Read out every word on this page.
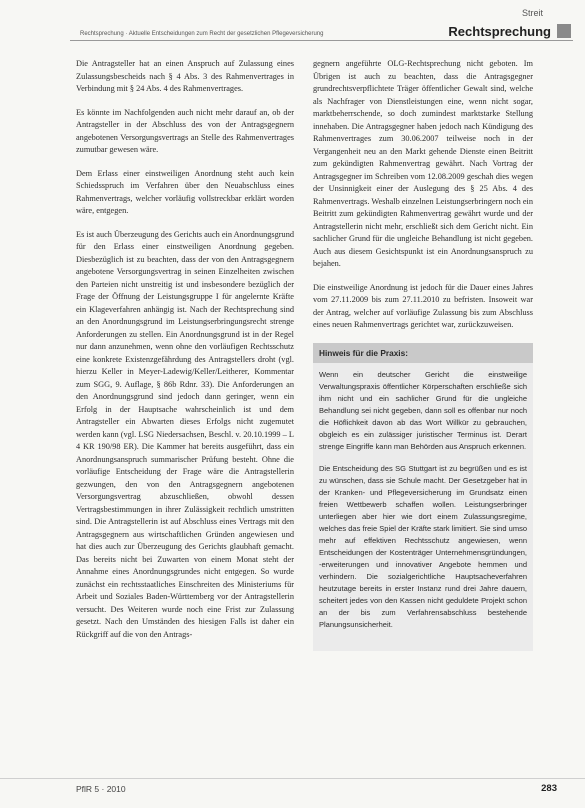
Streit
Rechtsprechung · Aktuelle Entscheidungen zum Recht der gesetzlichen Pflegeversicherung	Rechtsprechung

Die Antragsteller hat an einen Anspruch auf Zulassung eines Zulassungsbescheids nach § 4 Abs. 3 des Rahmenvertrages in Verbindung mit § 24 Abs. 4 des Rahmenvertrages.

Es könnte im Nachfolgenden auch nicht mehr darauf an, ob der Antragsteller in der Abschluss des von der Antragsgegnern angebotenen Versorgungsvertrags an Stelle des Rahmenvertrages zumutbar gewesen wäre.

Dem Erlass einer einstweiligen Anordnung steht auch kein Schiedsspruch im Verfahren über den Neuabschluss eines Rahmenvertrags, welcher vorläufig vollstreckbar erklärt worden wäre, entgegen.

Es ist auch Überzeugung des Gerichts auch ein Anordnungsgrund für den Erlass einer einstweiligen Anordnung gegeben. Diesbezüglich ist zu beachten, dass der von den Antragsgegnern angebotene Versorgungsvertrag in seinen Einzelheiten zwischen den Parteien nicht unstreitig ist und insbesondere bezüglich der Frage der Öffnung der Leistungsgruppe I für angelernte Kräfte ein Klageverfahren anhängig ist. Nach der Rechtsprechung sind an den Anordnungsgrund im Leistungserbringungsrecht strenge Anforderungen zu stellen. Ein Anordnungsgrund ist in der Regel nur dann anzunehmen, wenn ohne den vorläufigen Rechtsschutz eine konkrete Existenzgefährdung des Antragstellers droht (vgl. hierzu Keller in Meyer-Ladewig/Keller/Leitherer, Kommentar zum SGG, 9. Auflage, § 86b Rdnr. 33). Die Anforderungen an den Anordnungsgrund sind jedoch dann geringer, wenn ein Erfolg in der Hauptsache wahrscheinlich ist und dem Antragsteller ein Abwarten dieses Erfolgs nicht zugemutet werden kann (vgl. LSG Niedersachsen, Beschl. v. 20.10.1999 – L 4 KR 190/98 ER). Die Kammer hat bereits ausgeführt, dass ein Anordnungsanspruch summarischer Prüfung besteht. Ohne die vorläufige Entscheidung der Frage wäre die Antragstellerin gezwungen, den von den Antragsgegnern angebotenen Versorgungsvertrag abzuschließen, obwohl dessen Vertragsbestimmungen in ihrer Zulässigkeit rechtlich umstritten sind. Die Antragstellerin ist auf Abschluss eines Vertrags mit den Antragsgegnern aus wirtschaftlichen Gründen angewiesen und hat dies auch zur Überzeugung des Gerichts glaubhaft gemacht. Das bereits nicht bei Zuwarten von einem Monat steht der Annahme eines Anordnungsgrundes nicht entgegen. So wurde zunächst ein rechtsstaatliches Einschreiten des Ministeriums für Arbeit und Soziales Baden-Württemberg vor der Antragstellerin versucht. Des Weiteren wurde noch eine Frist zur Zulassung gesetzt. Nach den Umständen des hiesigen Falls ist daher ein Rückgriff auf die von den Antrags-

gegnern angeführte OLG-Rechtsprechung nicht geboten. Im Übrigen ist auch zu beachten, dass die Antragsgegner grundrechtsverpflichtete Träger öffentlicher Gewalt sind, welche als Nachfrager von Dienstleistungen eine, wenn nicht sogar, marktbeherrschende, so doch zumindest marktstarke Stellung innehaben. Die Antragsgegner haben jedoch nach Kündigung des Rahmenvertrages zum 30.06.2007 teilweise noch in der Vergangenheit neu an den Markt gehende Dienste einen Beitritt zum gekündigten Rahmenvertrag gewährt. Nach Vortrag der Antragsgegner im Schreiben vom 12.08.2009 geschah dies wegen der Unsinnigkeit einer der Auslegung des § 25 Abs. 4 des Rahmenvertrags. Weshalb einzelnen Leistungserbringern noch ein Beitritt zum gekündigten Rahmenvertrag gewährt wurde und der Antragstellerin nicht mehr, erschließt sich dem Gericht nicht. Ein sachlicher Grund für die ungleiche Behandlung ist nicht gegeben. Auch aus diesem Gesichtspunkt ist ein Anordnungsanspruch zu bejahen.

Die einstweilige Anordnung ist jedoch für die Dauer eines Jahres vom 27.11.2009 bis zum 27.11.2010 zu befristen. Insoweit war der Antrag, welcher auf vorläufige Zulassung bis zum Abschluss eines neuen Rahmenvertrags gerichtet war, zurückzuweisen.

Hinweis für die Praxis:

Wenn ein deutscher Gericht die einstweilige Verwaltungspraxis öffentlicher Körperschaften erschließe sich ihm nicht und ein sachlicher Grund für die ungleiche Behandlung sei nicht gegeben, dann soll es offenbar nur noch die Höflichkeit davon ab das Wort Willkür zu gebrauchen, obgleich es ein zulässiger juristischer Terminus ist. Derart strenge Eingriffe kann man Behörden aus Anspruch erkennen.

Die Entscheidung des SG Stuttgart ist zu begrüßen und es ist zu wünschen, dass sie Schule macht. Der Gesetzgeber hat in der Kranken- und Pflegeversicherung im Grundsatz einen freien Wettbewerb schaffen wollen. Leistungserbringer unterliegen aber hier wie dort einem Zulassungsregime, welches das freie Spiel der Kräfte stark limitiert. Sie sind umso mehr auf effektiven Rechtsschutz angewiesen, wenn Entscheidungen der Kostenträger Unternehmensgründungen, -erweiterungen und innovativer Angebote hemmen und verhindern. Die sozialgerichtliche Hauptsacheverfahren heutzutage bereits in erster Instanz rund drei Jahre dauern, scheitert jedes von den Kassen nicht geduldete Projekt schon an der bis zum Verfahrensabschluss bestehende Planungsunsicherheit.

PflR 5 · 2010	283
